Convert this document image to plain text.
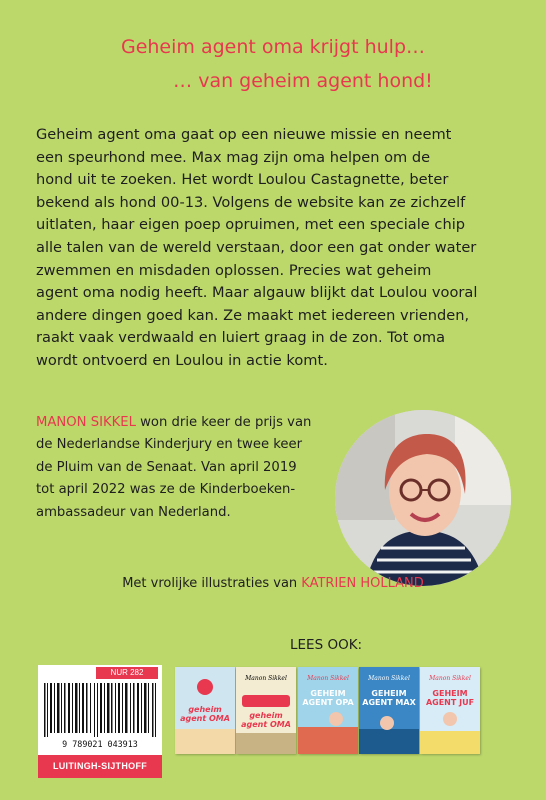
Geheim agent oma krijgt hulp…
… van geheim agent hond!
Geheim agent oma gaat op een nieuwe missie en neemt
een speurhond mee. Max mag zijn oma helpen om de
hond uit te zoeken. Het wordt Loulou Castagnette, beter
bekend als hond 00-13. Volgens de website kan ze zichzelf
uitlaten, haar eigen poep opruimen, met een speciale chip
alle talen van de wereld verstaan, door een gat onder water
zwemmen en misdaden oplossen. Precies wat geheim
agent oma nodig heeft. Maar algauw blijkt dat Loulou vooral
andere dingen goed kan. Ze maakt met iedereen vrienden,
raakt vaak verdwaald en luiert graag in de zon. Tot oma
wordt ontvoerd en Loulou in actie komt.
MANON SIKKEL won drie keer de prijs van
de Nederlandse Kinderjury en twee keer
de Pluim van de Senaat. Van april 2019
tot april 2022 was ze de Kinderboeken-
ambassadeur van Nederland.
Met vrolijke illustraties van KATRIEN HOLLAND
LEES OOK:
NUR 282
9 789021 043913
LUITINGH-SIJTHOFF
geheim agent OMA
Manon Sikkel
geheim agent OMA
Manon Sikkel
GEHEIM AGENT OPA
Manon Sikkel
GEHEIM AGENT MAX
Manon Sikkel
GEHEIM AGENT JUF
